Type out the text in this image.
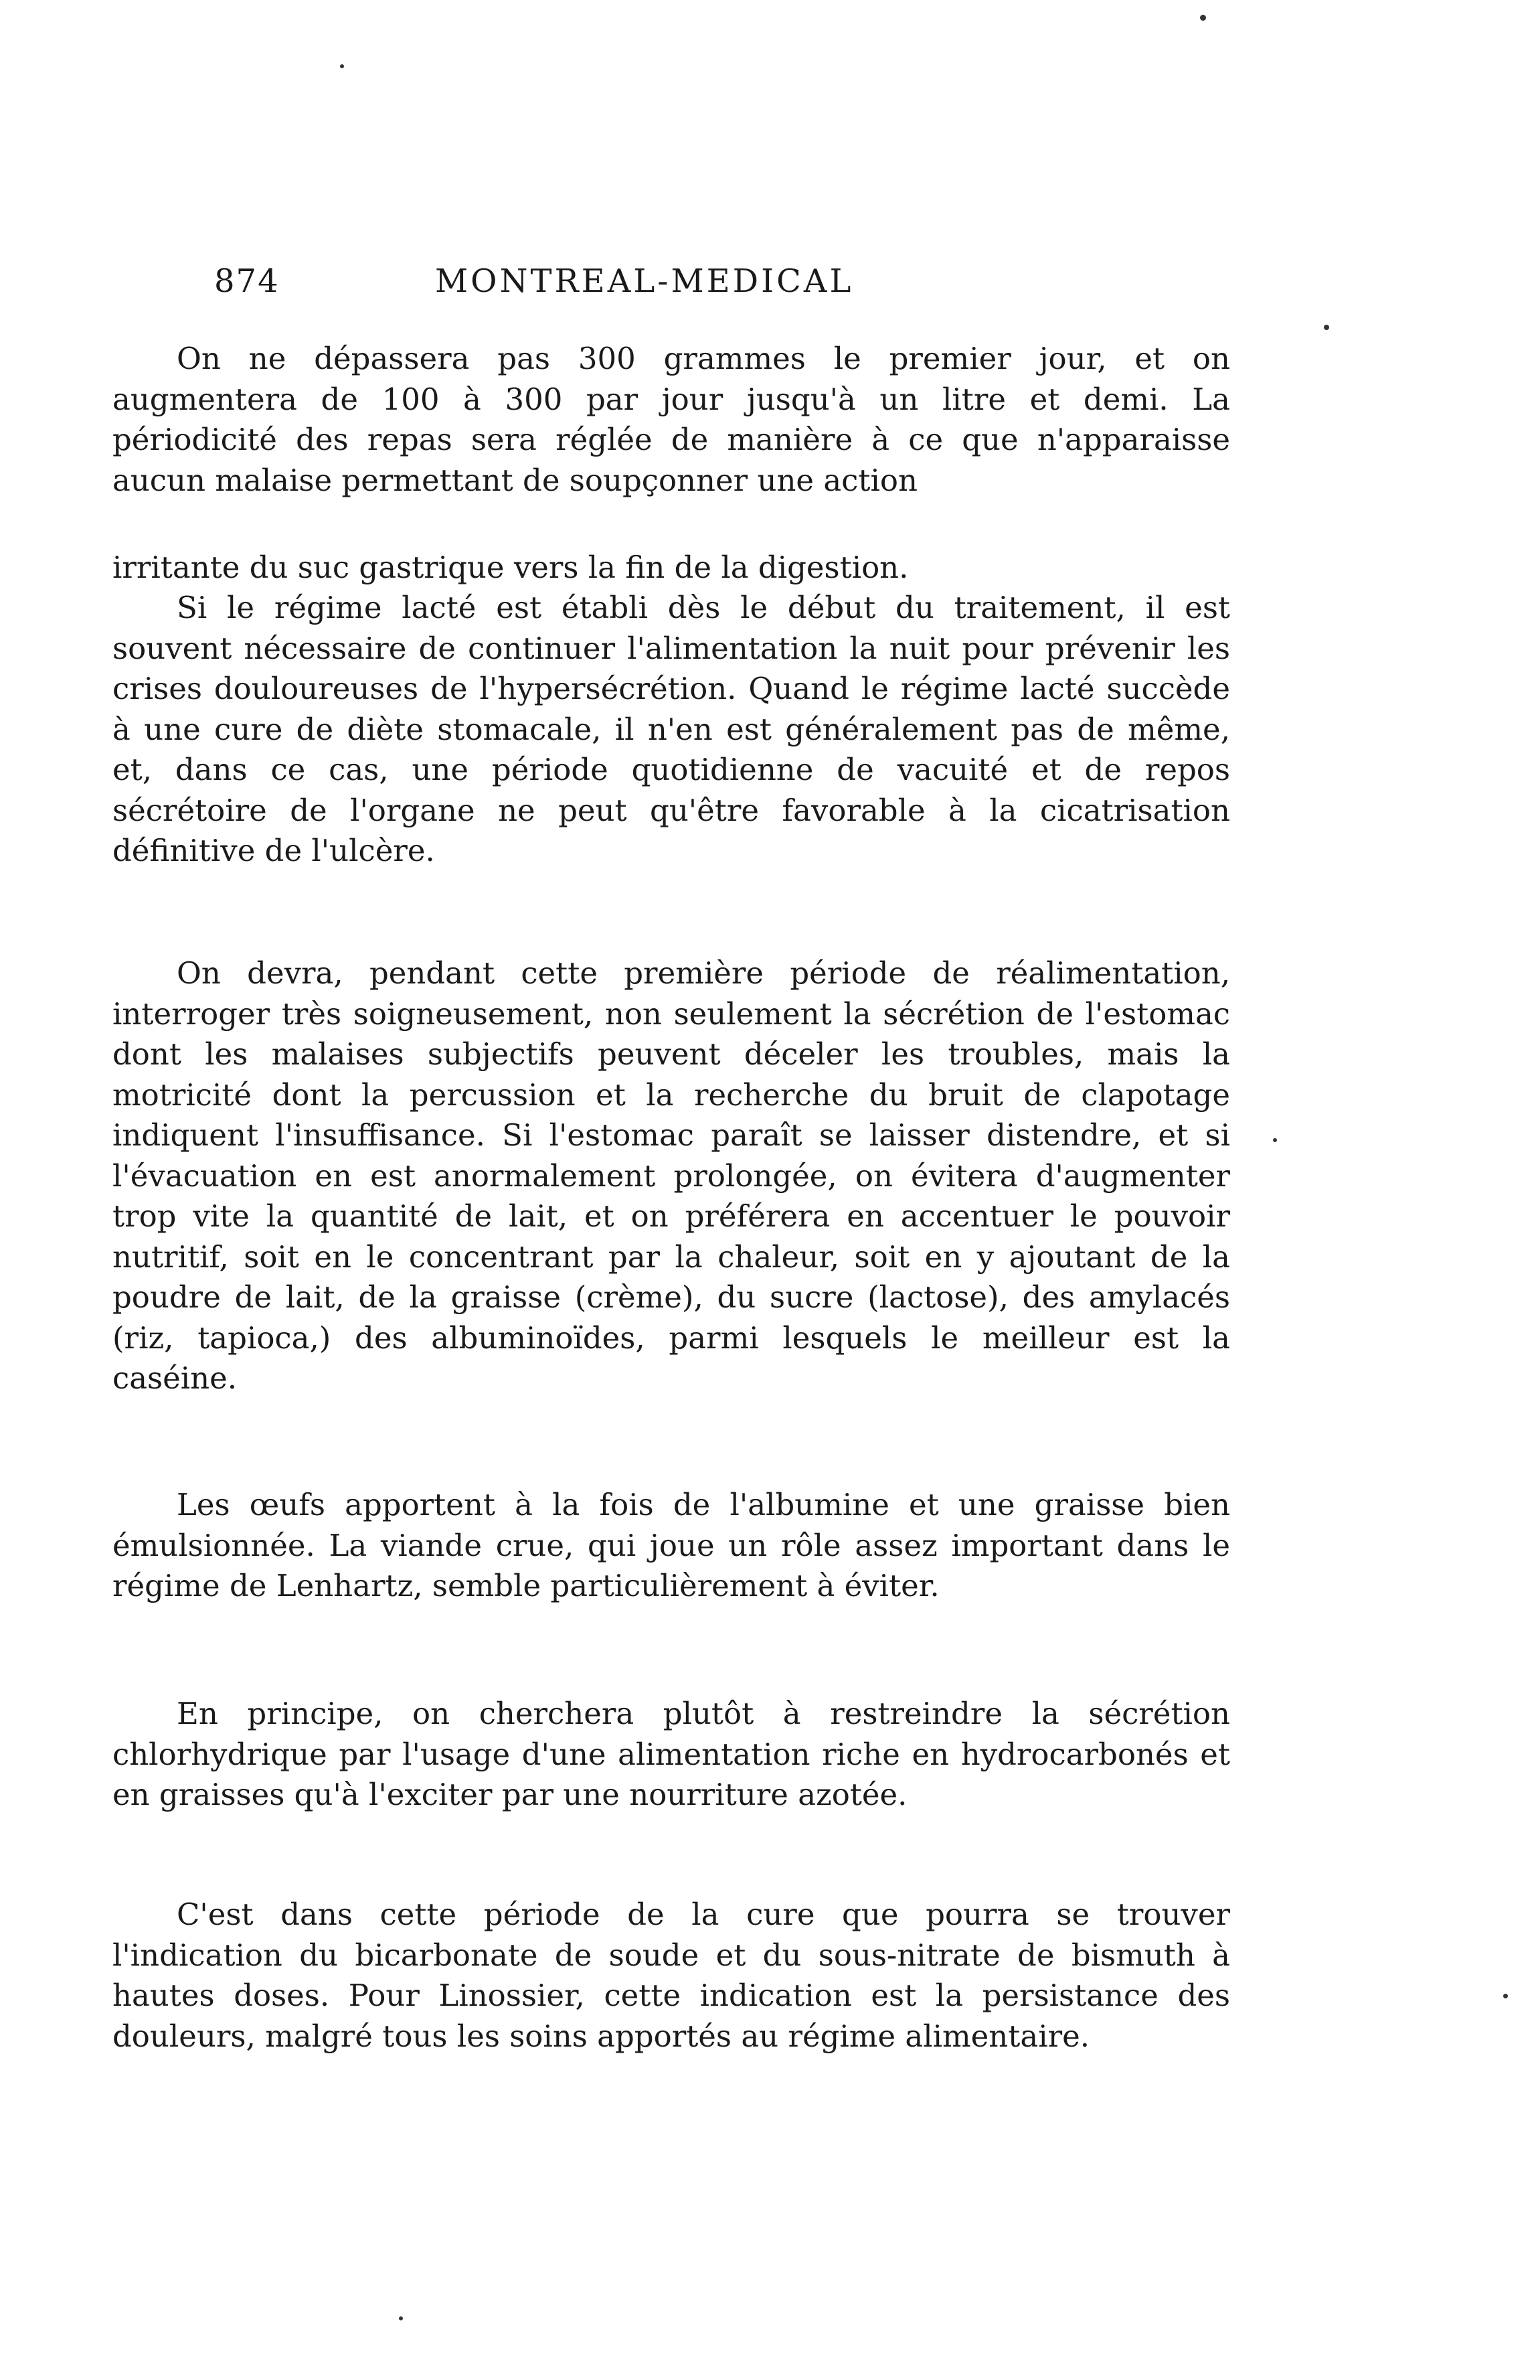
874	MONTREAL-MEDICAL

On ne dépassera pas 300 grammes le premier jour, et on augmentera de 100 à 300 par jour jusqu'à un litre et demi. La périodicité des repas sera réglée de manière à ce que n'apparaisse aucun malaise permettant de soupçonner une action

irritante du suc gastrique vers la fin de la digestion.

Si le régime lacté est établi dès le début du traitement, il est souvent nécessaire de continuer l'alimentation la nuit pour prévenir les crises douloureuses de l'hypersécrétion. Quand le régime lacté succède à une cure de diète stomacale, il n'en est généralement pas de même, et, dans ce cas, une période quotidienne de vacuité et de repos sécrétoire de l'organe ne peut qu'être favorable à la cicatrisation définitive de l'ulcère.

On devra, pendant cette première période de réalimentation, interroger très soigneusement, non seulement la sécrétion de l'estomac dont les malaises subjectifs peuvent déceler les troubles, mais la motricité dont la percussion et la recherche du bruit de clapotage indiquent l'insuffisance. Si l'estomac paraît se laisser distendre, et si l'évacuation en est anormalement prolongée, on évitera d'augmenter trop vite la quantité de lait, et on préférera en accentuer le pouvoir nutritif, soit en le concentrant par la chaleur, soit en y ajoutant de la poudre de lait, de la graisse (crème), du sucre (lactose), des amylacés (riz, tapioca,) des albuminoïdes, parmi lesquels le meilleur est la caséine.

Les œufs apportent à la fois de l'albumine et une graisse bien émulsionnée. La viande crue, qui joue un rôle assez important dans le régime de Lenhartz, semble particulièrement à éviter.

En principe, on cherchera plutôt à restreindre la sécrétion chlorhydrique par l'usage d'une alimentation riche en hydrocarbonés et en graisses qu'à l'exciter par une nourriture azotée.

C'est dans cette période de la cure que pourra se trouver l'indication du bicarbonate de soude et du sous-nitrate de bismuth à hautes doses. Pour Linossier, cette indication est la persistance des douleurs, malgré tous les soins apportés au régime alimentaire.
